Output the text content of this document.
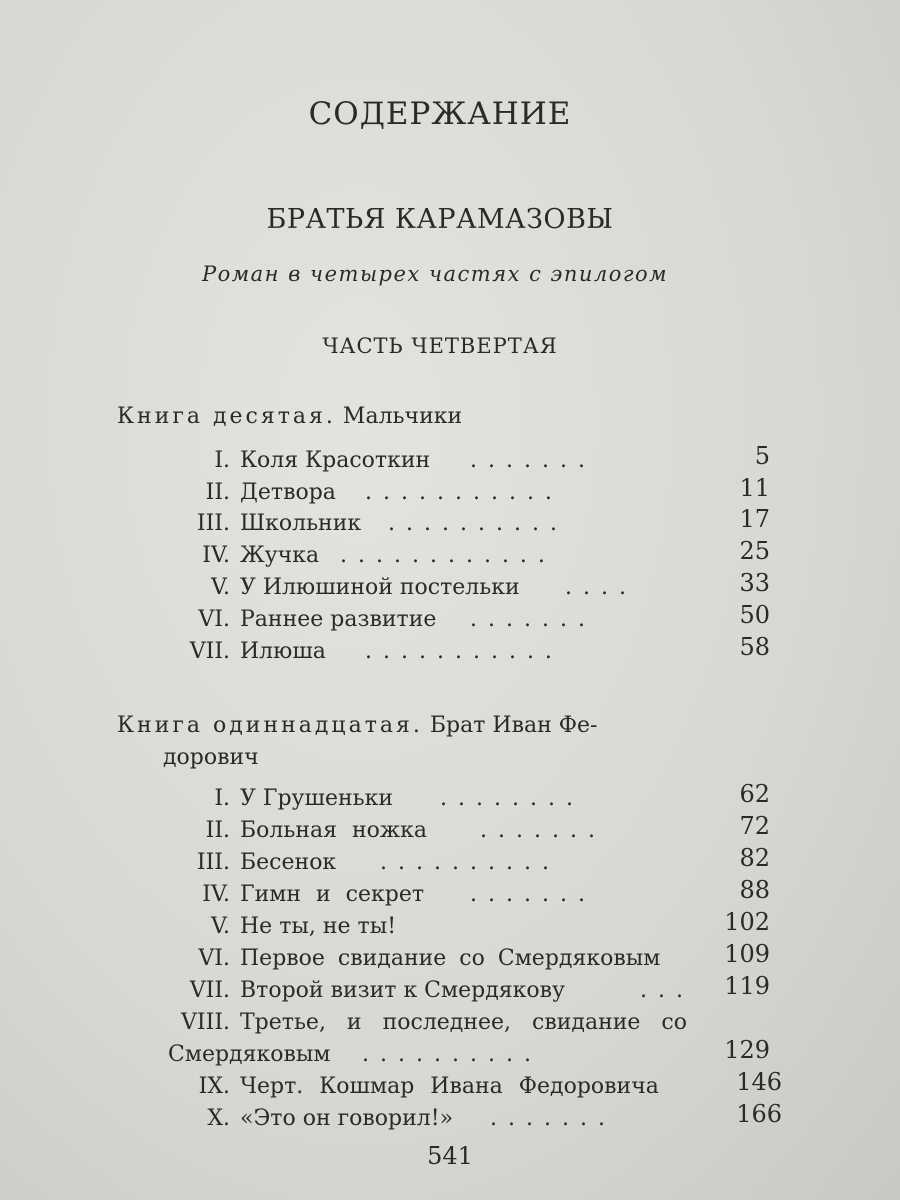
СОДЕРЖАНИЕ
БРАТЬЯ КАРАМАЗОВЫ
Роман в четырех частях с эпилогом
ЧАСТЬ ЧЕТВЕРТАЯ
Книга десятая. Мальчики
I. Коля Красоткин .......	5
II. Детвора ...........	11
III. Школьник ..........	17
IV. Жучка ............	25
V. У Илюшиной постельки ....	33
VI. Раннее развитие .......	50
VII. Илюша ...........	58
Книга одиннадцатая. Брат Иван Фе-
дорович
I. У Грушеньки ........	62
II. Больная ножка .......	72
III. Бесенок ..........	82
IV. Гимн и секрет .......	88
V. Не ты, не ты!	102
VI. Первое свидание со Смердяковым	109
VII. Второй визит к Смердякову	...	119
VIII. Третье, и последнее, свидание со
Смердяковым ..........	129
IX. Черт. Кошмар Ивана Федоровича	146
X. «Это он говорил!» .......	166
541
